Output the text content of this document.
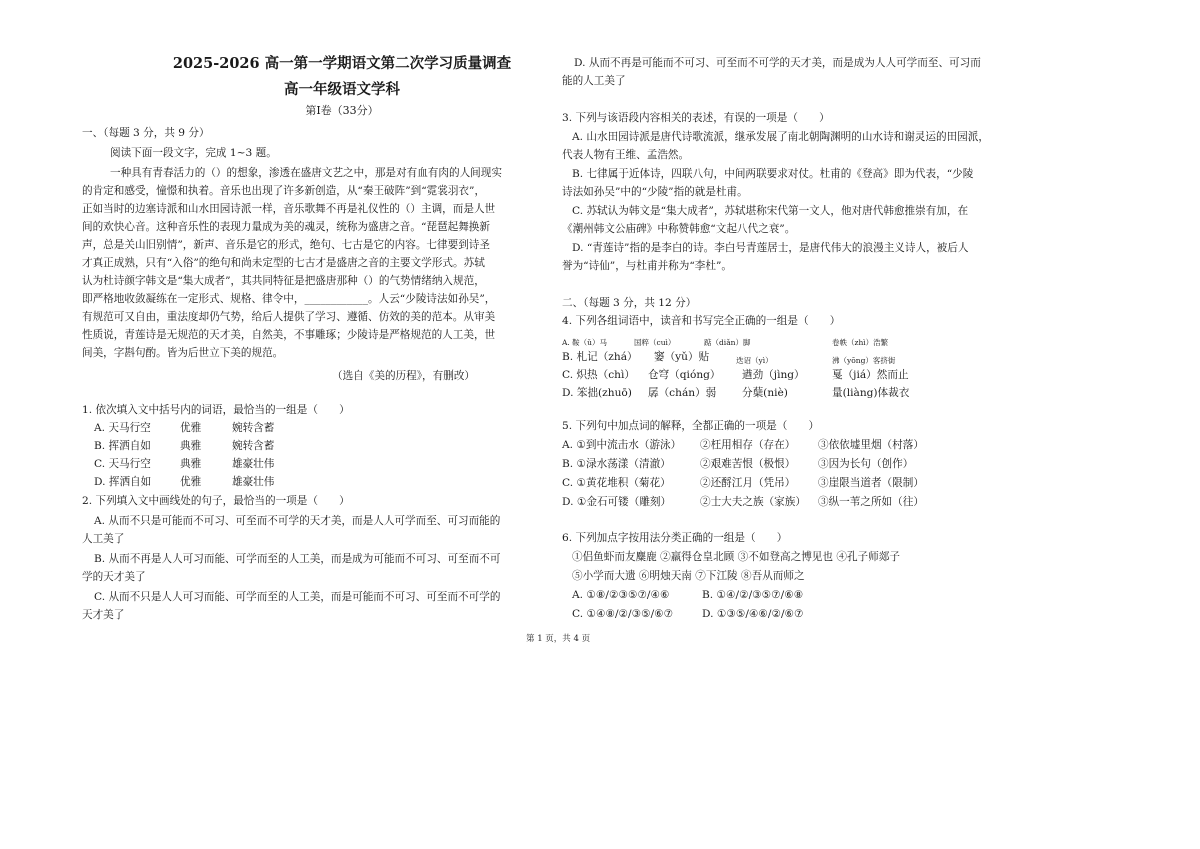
2025-2026 高一第一学期语文第二次学习质量调查
高一年级语文学科
第Ⅰ卷（33分）
一、（每题 3 分，共 9 分）
阅读下面一段文字，完成 1~3 题。
一种具有青春活力的（）的想象，渗透在盛唐文艺之中，那是对有血有肉的人间现实
的肯定和感受，憧憬和执着。音乐也出现了许多新创造，从“秦王破阵”到“霓裳羽衣”，
正如当时的边塞诗派和山水田园诗派一样，音乐歌舞不再是礼仪性的（）主调，而是人世
间的欢快心音。这种音乐性的表现力量成为美的魂灵，统称为盛唐之音。“琵琶起舞换新
声，总是关山旧别情”，新声、音乐是它的形式，绝句、七古是它的内容。七律要到诗圣
才真正成熟，只有“入俗”的绝句和尚未定型的七古才是盛唐之音的主要文学形式。苏轼
认为杜诗颜字韩文是“集大成者”，其共同特征是把盛唐那种（）的气势情绪纳入规范，
即严格地收敛凝练在一定形式、规格、律令中，____________。人云“少陵诗法如孙吴”，
有规范可又自由，重法度却仍气势，给后人提供了学习、遵循、仿效的美的范本。从审美
性质说，青莲诗是无规范的天才美，自然美，不事雕琢；少陵诗是严格规范的人工美，世
间美，字斟句酌。皆为后世立下美的规范。
（选自《美的历程》，有删改）
1. 依次填入文中括号内的词语，最恰当的一组是（　　）
A. 天马行空	优雅	婉转含蓄
B. 挥洒自如	典雅	婉转含蓄
C. 天马行空	典雅	雄豪壮伟
D. 挥洒自如	优雅	雄豪壮伟
2. 下列填入文中画线处的句子，最恰当的一项是（　　）
A. 从而不只是可能而不可习、可至而不可学的天才美，而是人人可学而至、可习而能的
人工美了
B. 从而不再是人人可习而能、可学而至的人工美，而是成为可能而不可习、可至而不可
学的天才美了
C. 从而不只是人人可习而能、可学而至的人工美，而是可能而不可习、可至而不可学的
天才美了
D. 从而不再是可能而不可习、可至而不可学的天才美，而是成为人人可学而至、可习而
能的人工美了
3. 下列与该语段内容相关的表述，有误的一项是（　　）
A. 山水田园诗派是唐代诗歌流派，继承发展了南北朝陶渊明的山水诗和谢灵运的田园派，
代表人物有王维、孟浩然。
B. 七律属于近体诗，四联八句，中间两联要求对仗。杜甫的《登高》即为代表，“少陵
诗法如孙吴”中的“少陵”指的就是杜甫。
C. 苏轼认为韩文是“集大成者”，苏轼堪称宋代第一文人，他对唐代韩愈推崇有加，在
《潮州韩文公庙碑》中称赞韩愈“文起八代之衰”。
D. “青莲诗”指的是李白的诗。李白号青莲居士，是唐代伟大的浪漫主义诗人，被后人
誉为“诗仙”，与杜甫并称为“李杜”。
二、（每题 3 分，共 12 分）
4. 下列各组词语中，读音和书写完全正确的一组是（　　）
A. 鞍（ǔ）马	国粹（cuì）	踮（diǎn）脚	卷帙（zhì）浩繁
B. 札记（zhá） 窭（yǔ）贴	迭诏（yì）	沸（yōng）客挤街
C. 炽热（chì） 仓穹（qióng） 遒劲（jìng）	戛（jiá）然而止
D. 笨拙(zhuō) 孱（chán）弱 分蘖(niè)	量(liàng)体裁衣
5. 下列句中加点词的解释，全都正确的一项是（　　）
A. ①到中流击水（游泳） ②枉用相存（存在） ③依依墟里烟（村落）
B. ①渌水荡漾（清澈）	②艰难苦恨（极恨） ③因为长句（创作）
C. ①黄花堆积（菊花）	②还酹江月（凭吊） ③崖限当道者（限制）
D. ①金石可镂（雕刻）	②士大夫之族（家族） ③纵一苇之所如（往）
6. 下列加点字按用法分类正确的一组是（　　）
①侣鱼虾而友麋鹿 ②羸得仓皇北顾 ③不如登高之博见也 ④孔子师郯子
⑤小学而大遗 ⑥明烛天南 ⑦下江陵 ⑧吾从而师之
A. ①⑧/②③⑤⑦/④⑥	B. ①④/②/③⑤⑦/⑥⑧
C. ①④⑧/②/③⑤/⑥⑦	D. ①③⑤/④⑥/②/⑥⑦
第 1 页，共 4 页
